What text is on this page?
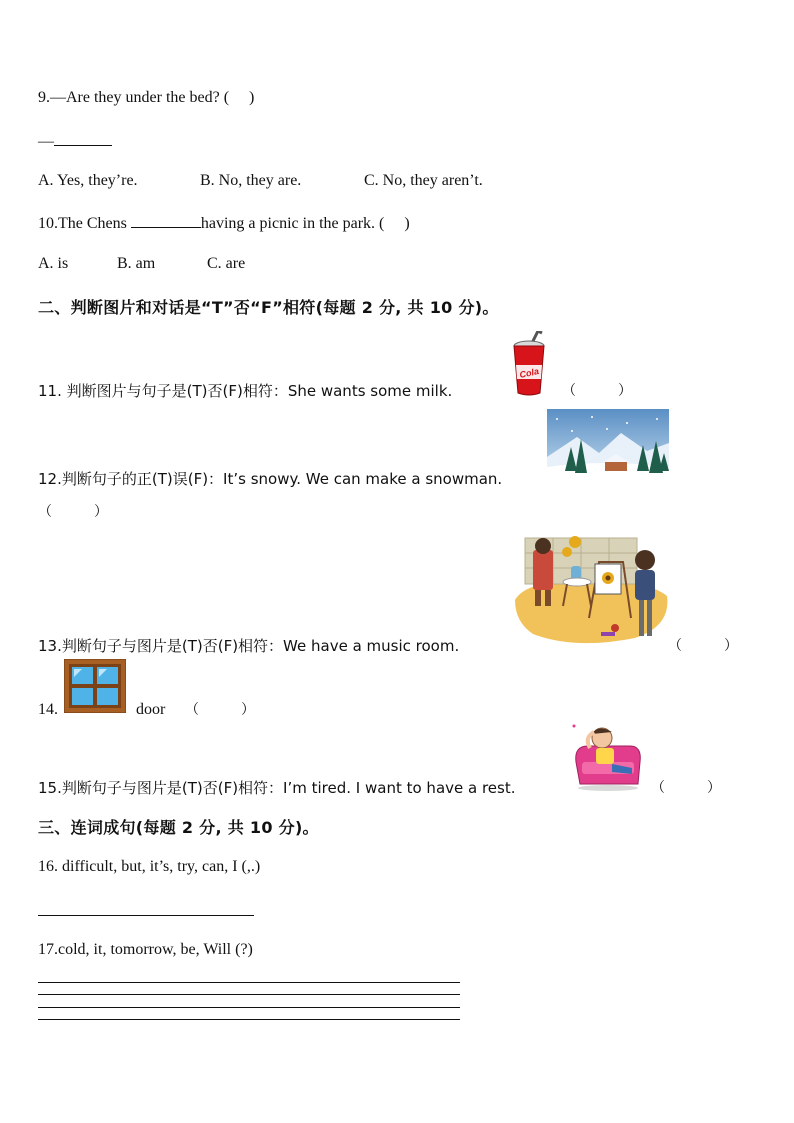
9.—Are they under the bed? (　 )
—
A. Yes, they’re.	B. No, they are.	C. No, they aren’t.
10.The Chens	having a picnic in the park. (　 )
A. is	B. am	C. are
二、判断图片和对话是“T”否“F”相符(每题 2 分, 共 10 分)。
11. 判断图片与句子是(T)否(F)相符：She wants some milk.
Cola
（　　　）
12.判断句子的正(T)误(F)：It’s snowy. We can make a snowman.
（　　　）
13.判断句子与图片是(T)否(F)相符：We have a music room.	（　　　）
14.	door （　　　）
15.判断句子与图片是(T)否(F)相符：I’m tired. I want to have a rest.	（　　　）
三、连词成句(每题 2 分, 共 10 分)。
16. difficult, but, it’s, try, can, I (,.)
17.cold, it, tomorrow, be, Will (?)
